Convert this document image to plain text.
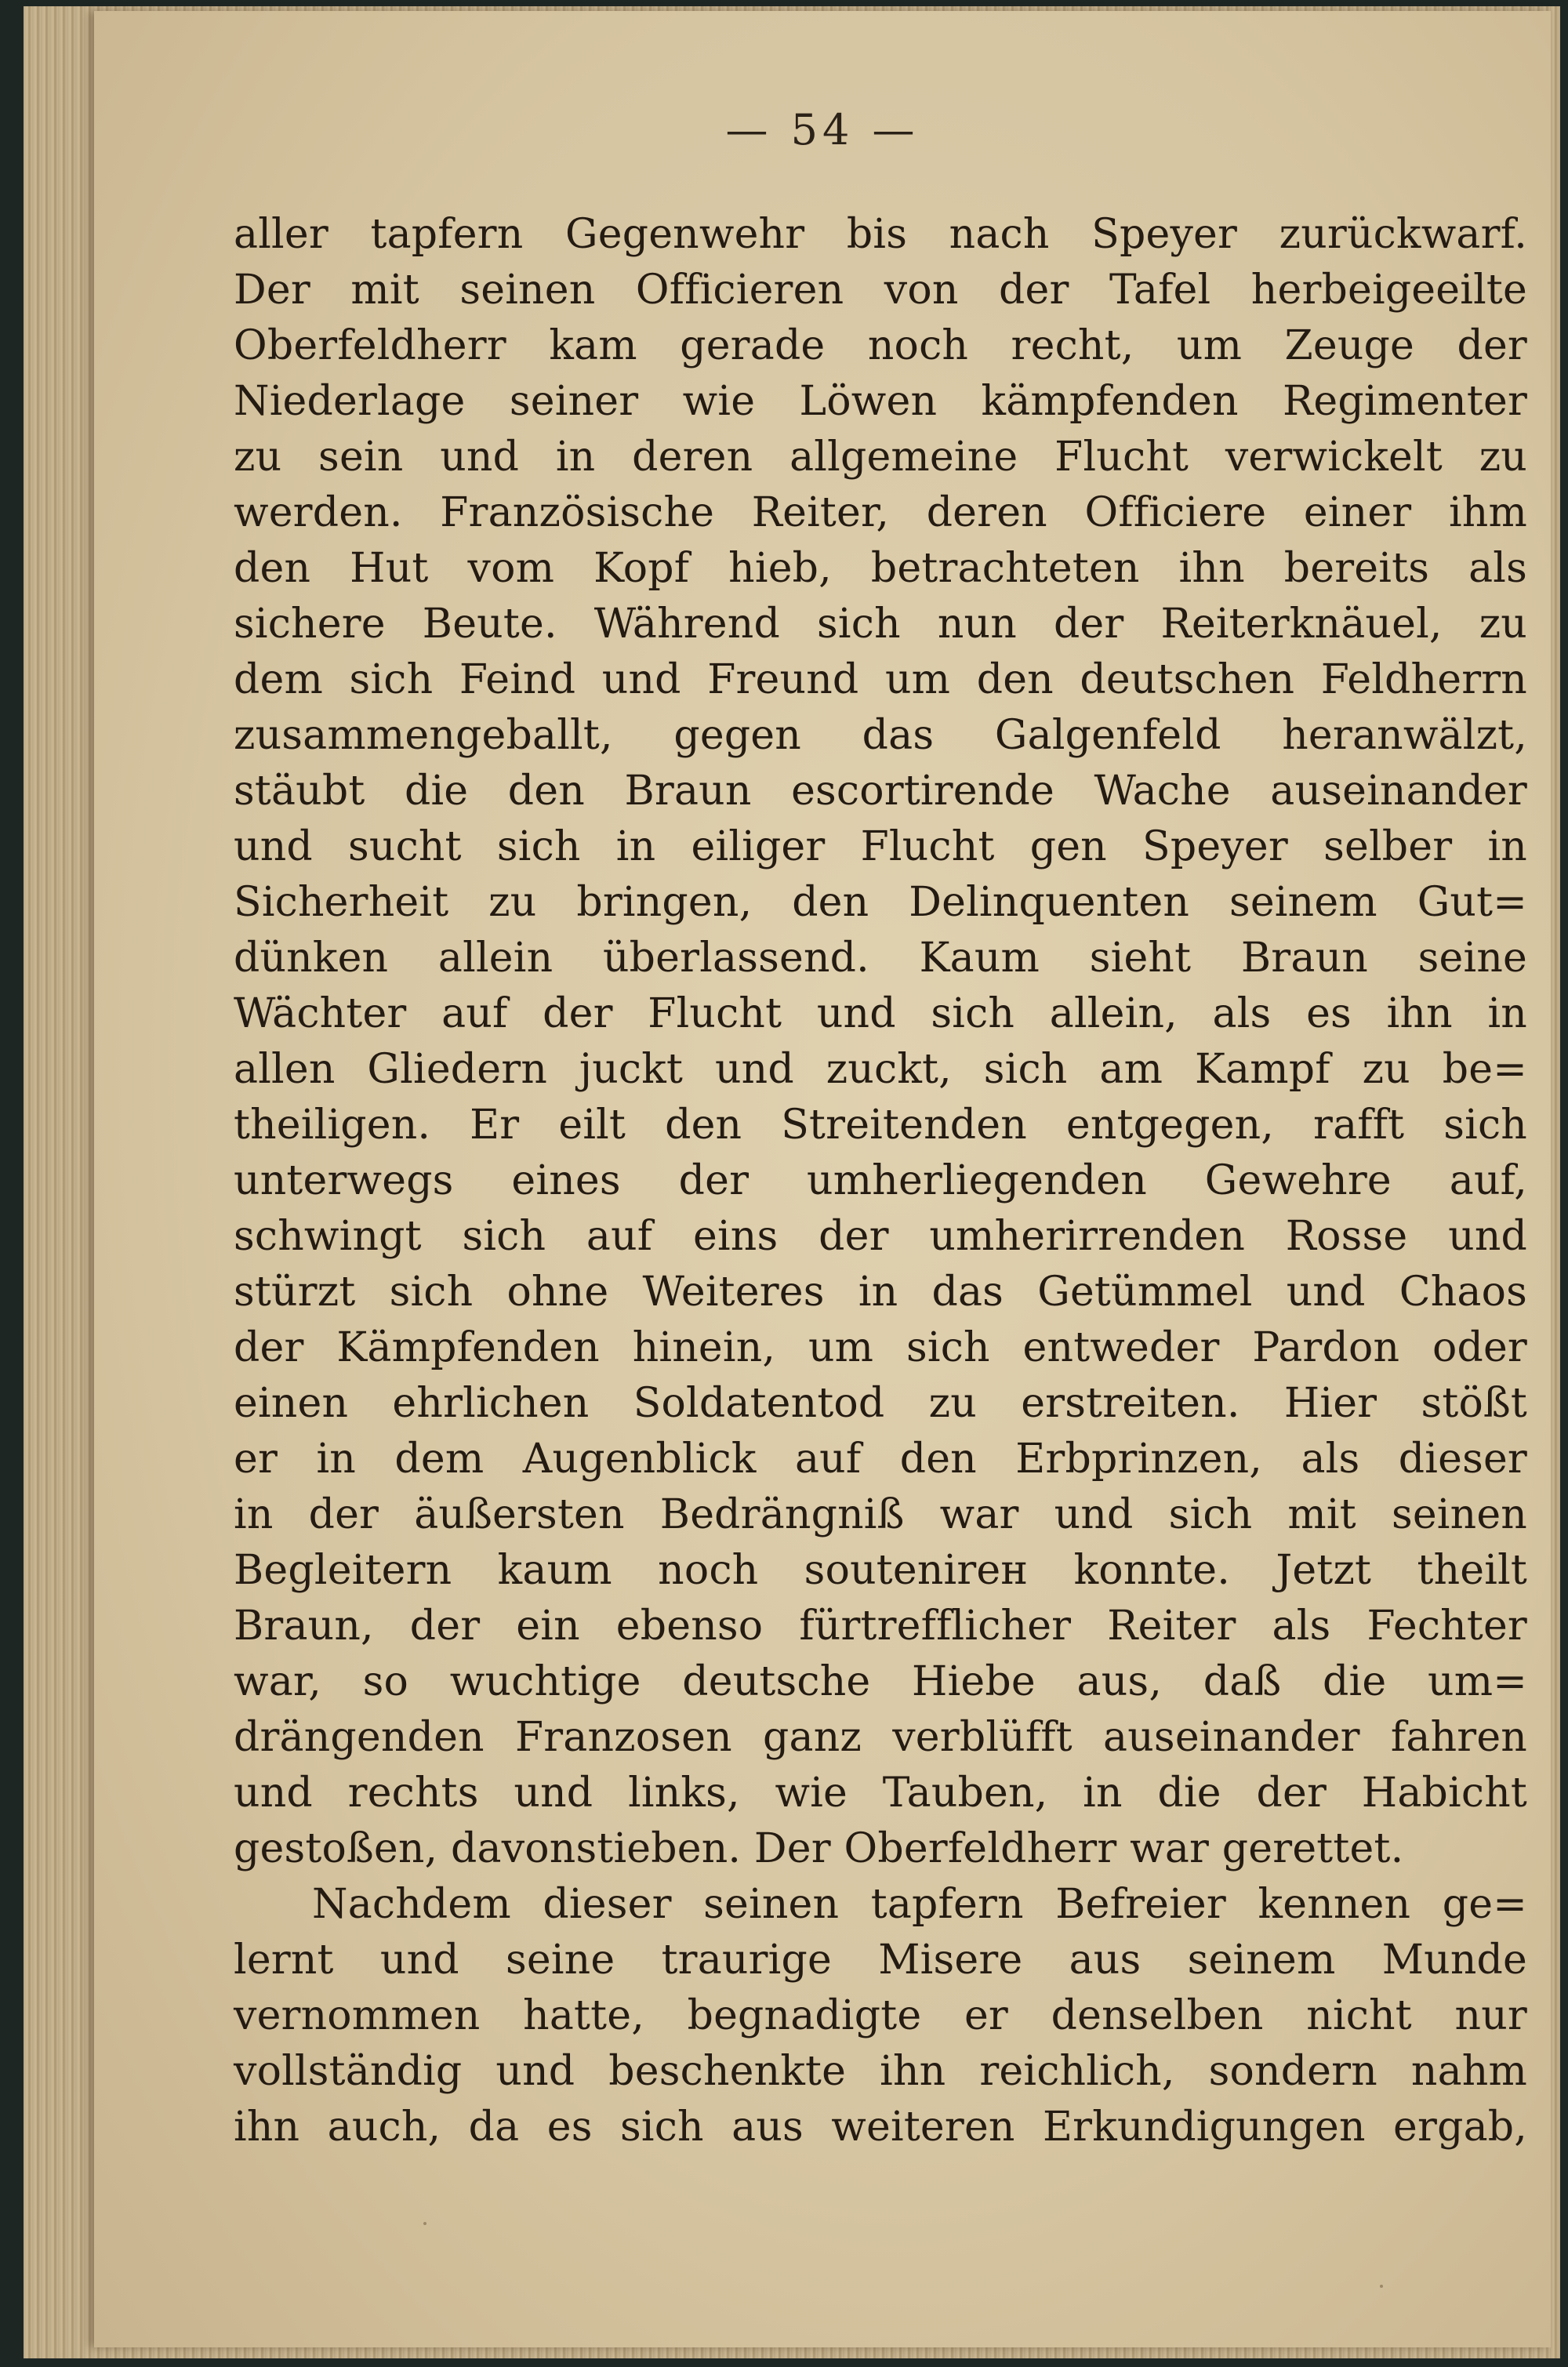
— 54 —
aller tapfern Gegenwehr bis nach Speyer zurückwarf.
Der mit seinen Officieren von der Tafel herbeigeeilte
Oberfeldherr kam gerade noch recht, um Zeuge der
Niederlage seiner wie Löwen kämpfenden Regimenter
zu sein und in deren allgemeine Flucht verwickelt zu
werden. Französische Reiter, deren Officiere einer ihm
den Hut vom Kopf hieb, betrachteten ihn bereits als
sichere Beute. Während sich nun der Reiterknäuel, zu
dem sich Feind und Freund um den deutschen Feldherrn
zusammengeballt, gegen das Galgenfeld heranwälzt,
stäubt die den Braun escortirende Wache auseinander
und sucht sich in eiliger Flucht gen Speyer selber in
Sicherheit zu bringen, den Delinquenten seinem Gut=
dünken allein überlassend. Kaum sieht Braun seine
Wächter auf der Flucht und sich allein, als es ihn in
allen Gliedern juckt und zuckt, sich am Kampf zu be=
theiligen. Er eilt den Streitenden entgegen, rafft sich
unterwegs eines der umherliegenden Gewehre auf,
schwingt sich auf eins der umherirrenden Rosse und
stürzt sich ohne Weiteres in das Getümmel und Chaos
der Kämpfenden hinein, um sich entweder Pardon oder
einen ehrlichen Soldatentod zu erstreiten. Hier stößt
er in dem Augenblick auf den Erbprinzen, als dieser
in der äußersten Bedrängniß war und sich mit seinen
Begleitern kaum noch soutenirен konnte. Jetzt theilt
Braun, der ein ebenso fürtrefflicher Reiter als Fechter
war, so wuchtige deutsche Hiebe aus, daß die um=
drängenden Franzosen ganz verblüfft auseinander fahren
und rechts und links, wie Tauben, in die der Habicht
gestoßen, davonstieben. Der Oberfeldherr war gerettet.
Nachdem dieser seinen tapfern Befreier kennen ge=
lernt und seine traurige Misere aus seinem Munde
vernommen hatte, begnadigte er denselben nicht nur
vollständig und beschenkte ihn reichlich, sondern nahm
ihn auch, da es sich aus weiteren Erkundigungen ergab,
